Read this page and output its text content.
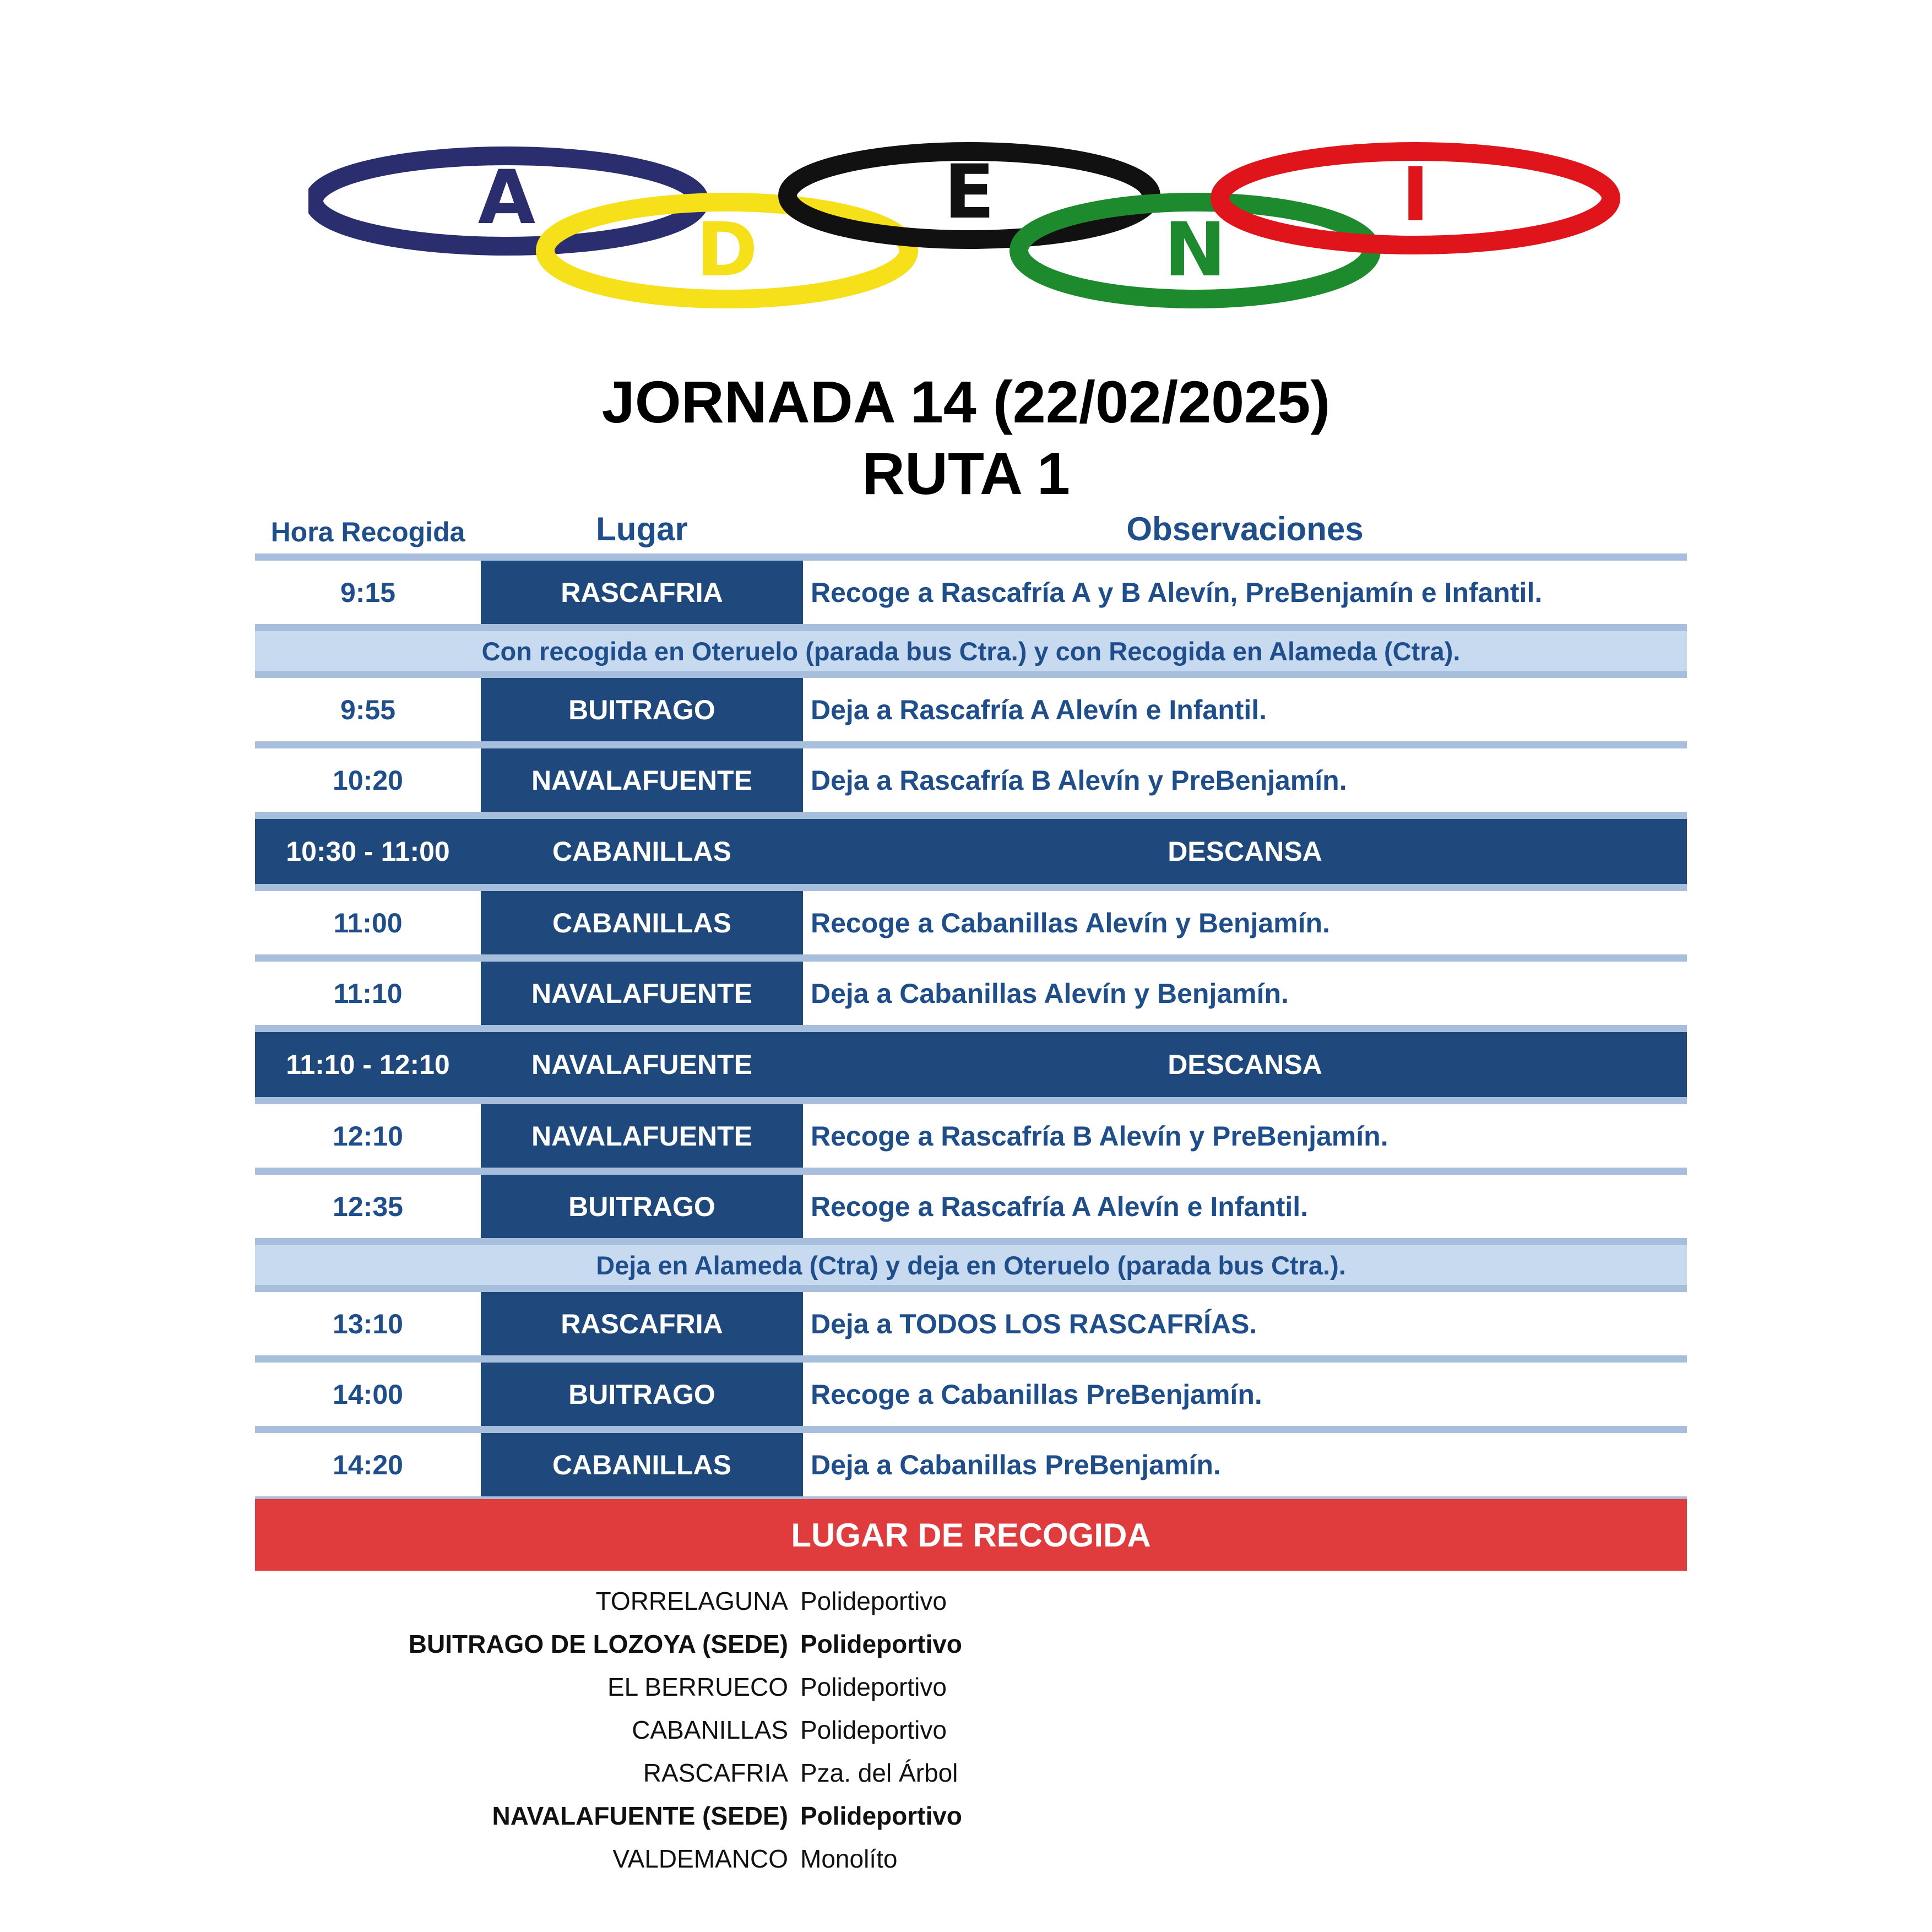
A
D
E
N
I
JORNADA 14 (22/02/2025)
RUTA 1
Hora Recogida	Lugar	Observaciones
9:15	RASCAFRIA	Recoge a Rascafría A y B Alevín, PreBenjamín e Infantil.
Con recogida en Oteruelo (parada bus Ctra.) y con Recogida en Alameda (Ctra).
9:55	BUITRAGO	Deja a Rascafría A Alevín e Infantil.
10:20	NAVALAFUENTE	Deja a Rascafría B Alevín y PreBenjamín.
10:30 - 11:00	CABANILLAS	DESCANSA
11:00	CABANILLAS	Recoge a Cabanillas Alevín y Benjamín.
11:10	NAVALAFUENTE	Deja a Cabanillas Alevín y Benjamín.
11:10 - 12:10	NAVALAFUENTE	DESCANSA
12:10	NAVALAFUENTE	Recoge a Rascafría B Alevín y PreBenjamín.
12:35	BUITRAGO	Recoge a Rascafría A Alevín e Infantil.
Deja en Alameda (Ctra) y deja en Oteruelo (parada bus Ctra.).
13:10	RASCAFRIA	Deja a TODOS LOS RASCAFRÍAS.
14:00	BUITRAGO	Recoge a Cabanillas PreBenjamín.
14:20	CABANILLAS	Deja a Cabanillas PreBenjamín.
LUGAR DE RECOGIDA
TORRELAGUNA Polideportivo
BUITRAGO DE LOZOYA (SEDE) Polideportivo
EL BERRUECO Polideportivo
CABANILLAS Polideportivo
RASCAFRIA Pza. del Árbol
NAVALAFUENTE (SEDE) Polideportivo
VALDEMANCO Monolíto
